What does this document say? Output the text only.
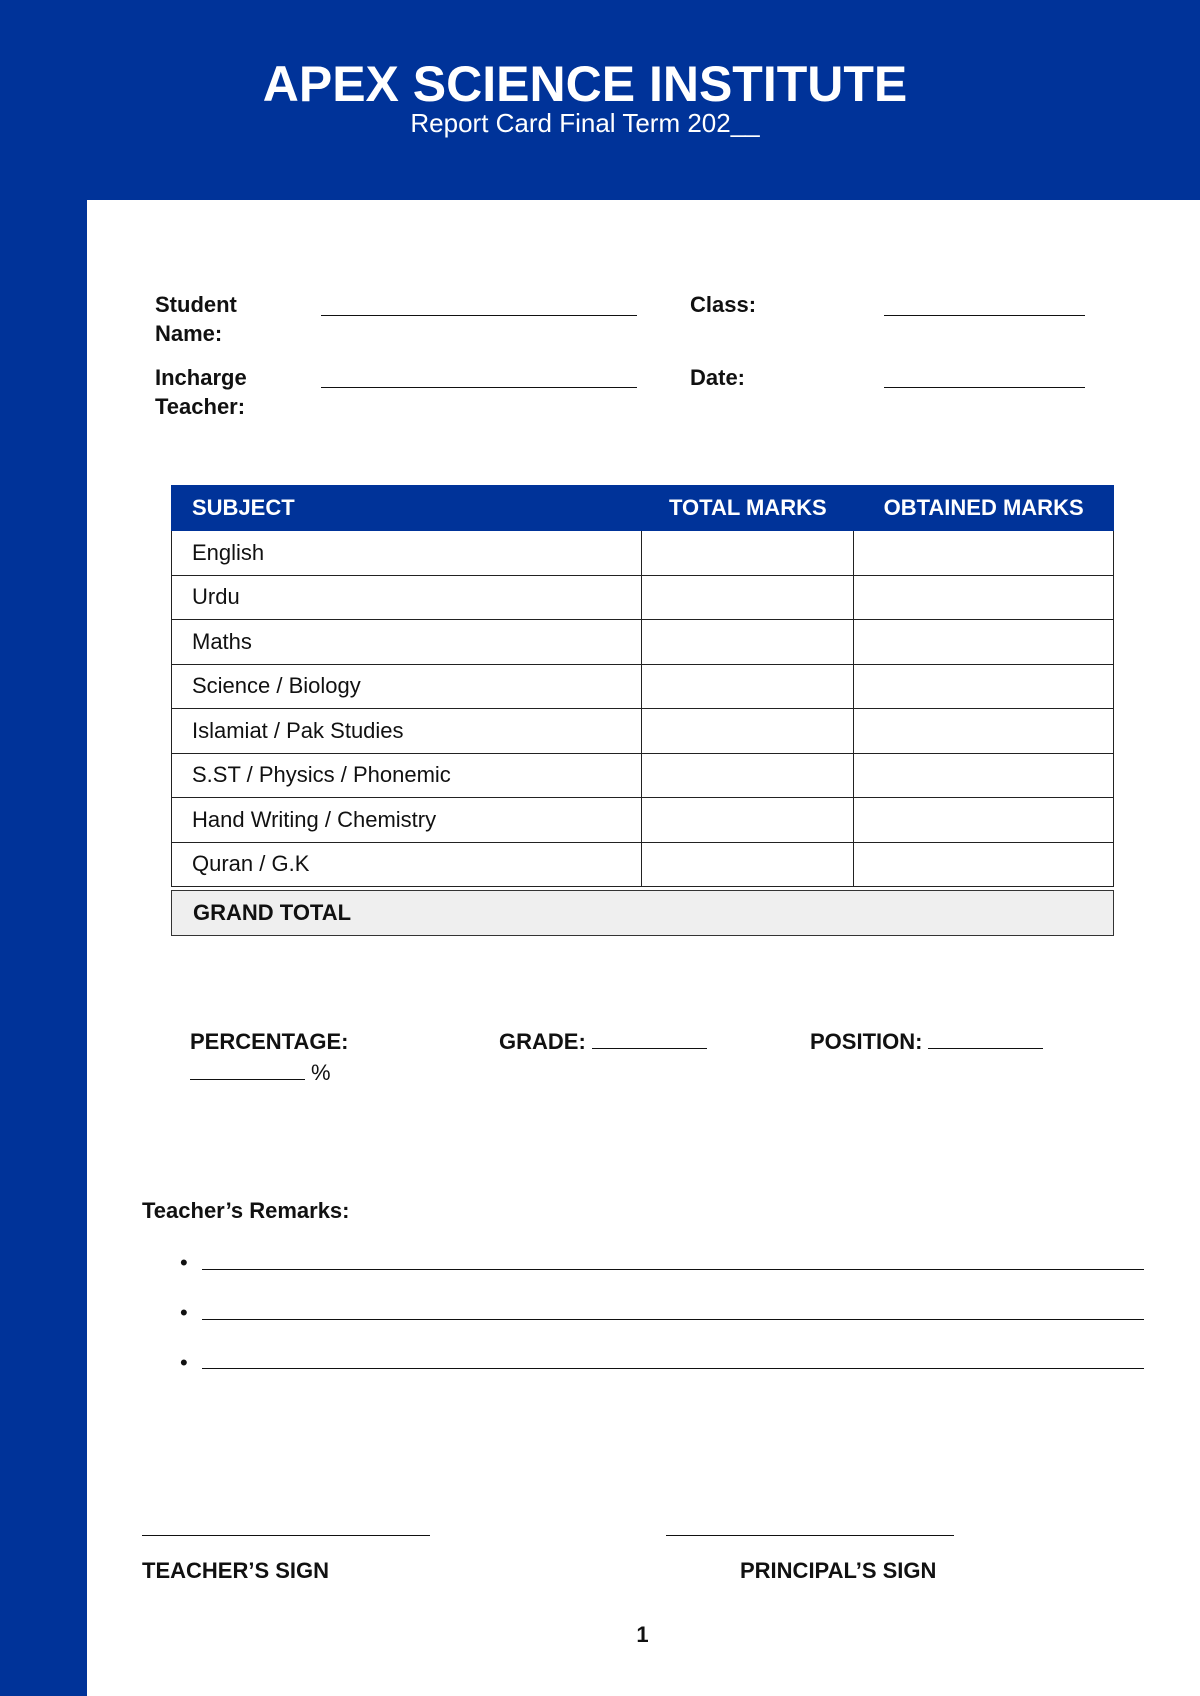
APEX SCIENCE INSTITUTE
Report Card Final Term 202__
Student
Name:
Class:
Incharge
Teacher:
Date:
SUBJECT	TOTAL MARKS	OBTAINED MARKS
English		
Urdu		
Maths		
Science / Biology		
Islamiat / Pak Studies		
S.ST / Physics / Phonemic		
Hand Writing / Chemistry		
Quran / G.K		
GRAND TOTAL
PERCENTAGE:
%
GRADE:	POSITION:
Teacher’s Remarks:
•
•
•
TEACHER’S SIGN	PRINCIPAL’S SIGN
1
